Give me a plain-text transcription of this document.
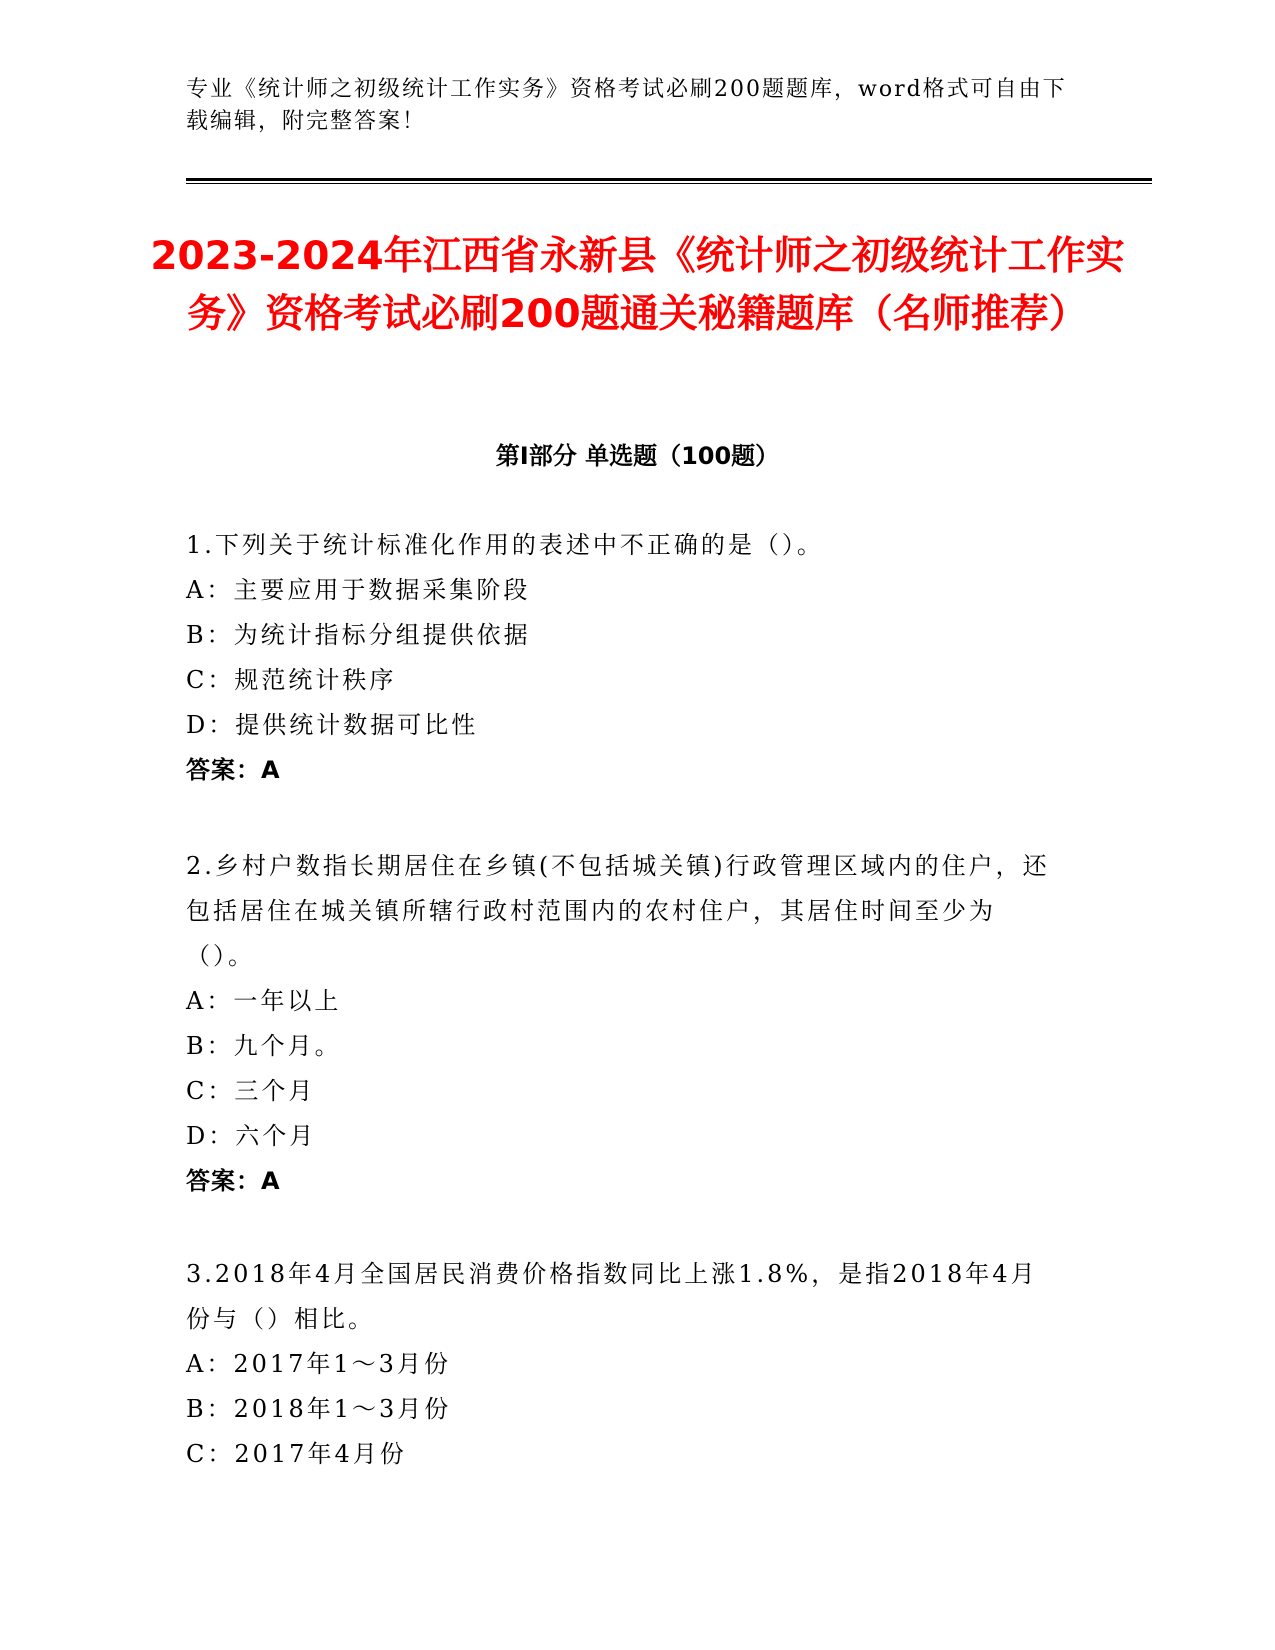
专业《统计师之初级统计工作实务》资格考试必刷200题题库，word格式可自由下载编辑，附完整答案！
2023-2024年江西省永新县《统计师之初级统计工作实务》资格考试必刷200题通关秘籍题库（名师推荐）
第Ⅰ部分 单选题（100题）

1.下列关于统计标准化作用的表述中不正确的是（）。

A：主要应用于数据采集阶段

B：为统计指标分组提供依据

C：规范统计秩序

D：提供统计数据可比性

答案：A

2.乡村户数指长期居住在乡镇(不包括城关镇)行政管理区域内的住户，还包括居住在城关镇所辖行政村范围内的农村住户，其居住时间至少为（）。

A：一年以上

B：九个月。

C：三个月

D：六个月

答案：A

3.2018年4月全国居民消费价格指数同比上涨1.8%，是指2018年4月份与（）相比。

A：2017年1～3月份

B：2018年1～3月份

C：2017年4月份
